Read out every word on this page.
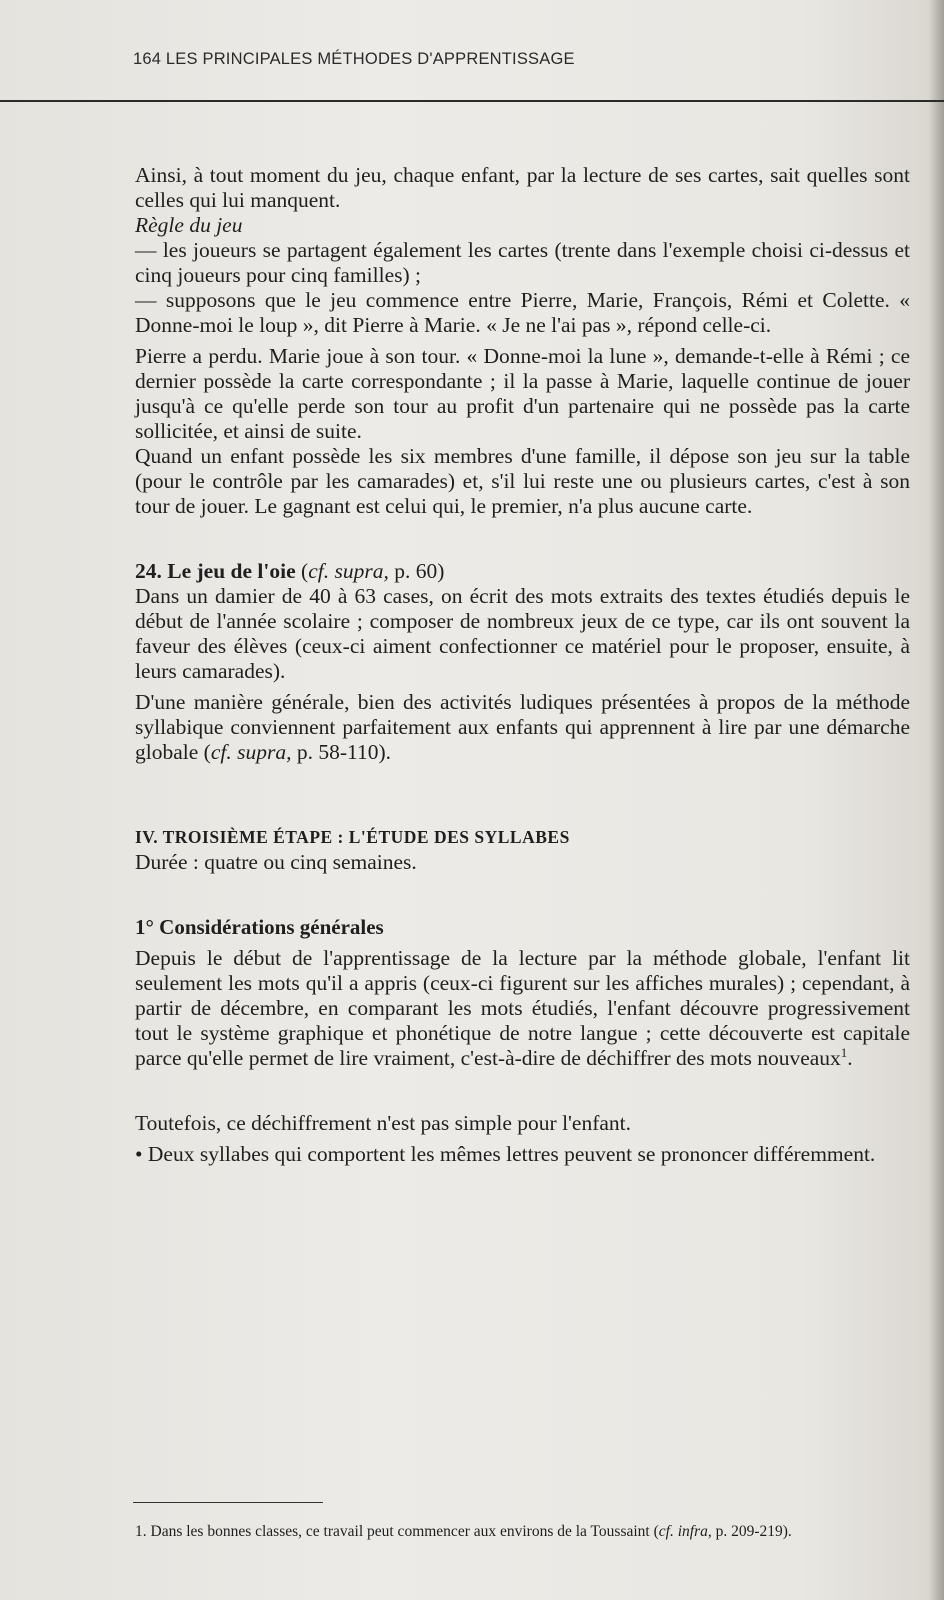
164 LES PRINCIPALES MÉTHODES D'APPRENTISSAGE

Ainsi, à tout moment du jeu, chaque enfant, par la lecture de ses cartes, sait quelles sont celles qui lui manquent.

Règle du jeu

— les joueurs se partagent également les cartes (trente dans l'exemple choisi ci-dessus et cinq joueurs pour cinq familles) ;

— supposons que le jeu commence entre Pierre, Marie, François, Rémi et Colette. « Donne-moi le loup », dit Pierre à Marie. « Je ne l'ai pas », répond celle-ci.

Pierre a perdu. Marie joue à son tour. « Donne-moi la lune », demande-t-elle à Rémi ; ce dernier possède la carte correspondante ; il la passe à Marie, laquelle continue de jouer jusqu'à ce qu'elle perde son tour au profit d'un partenaire qui ne possède pas la carte sollicitée, et ainsi de suite.

Quand un enfant possède les six membres d'une famille, il dépose son jeu sur la table (pour le contrôle par les camarades) et, s'il lui reste une ou plusieurs cartes, c'est à son tour de jouer. Le gagnant est celui qui, le premier, n'a plus aucune carte.

24. Le jeu de l'oie (cf. supra, p. 60)

Dans un damier de 40 à 63 cases, on écrit des mots extraits des textes étudiés depuis le début de l'année scolaire ; composer de nombreux jeux de ce type, car ils ont souvent la faveur des élèves (ceux-ci aiment confectionner ce matériel pour le proposer, ensuite, à leurs camarades).

D'une manière générale, bien des activités ludiques présentées à propos de la méthode syllabique conviennent parfaitement aux enfants qui apprennent à lire par une démarche globale (cf. supra, p. 58-110).

IV. TROISIÈME ÉTAPE : L'ÉTUDE DES SYLLABES

Durée : quatre ou cinq semaines.

1° Considérations générales

Depuis le début de l'apprentissage de la lecture par la méthode globale, l'enfant lit seulement les mots qu'il a appris (ceux-ci figurent sur les affiches murales) ; cependant, à partir de décembre, en comparant les mots étudiés, l'enfant découvre progressivement tout le système graphique et phonétique de notre langue ; cette découverte est capitale parce qu'elle permet de lire vraiment, c'est-à-dire de déchiffrer des mots nouveaux$^1$.

Toutefois, ce déchiffrement n'est pas simple pour l'enfant.

• Deux syllabes qui comportent les mêmes lettres peuvent se prononcer différemment.

1. Dans les bonnes classes, ce travail peut commencer aux environs de la Toussaint (cf. infra, p. 209-219).
